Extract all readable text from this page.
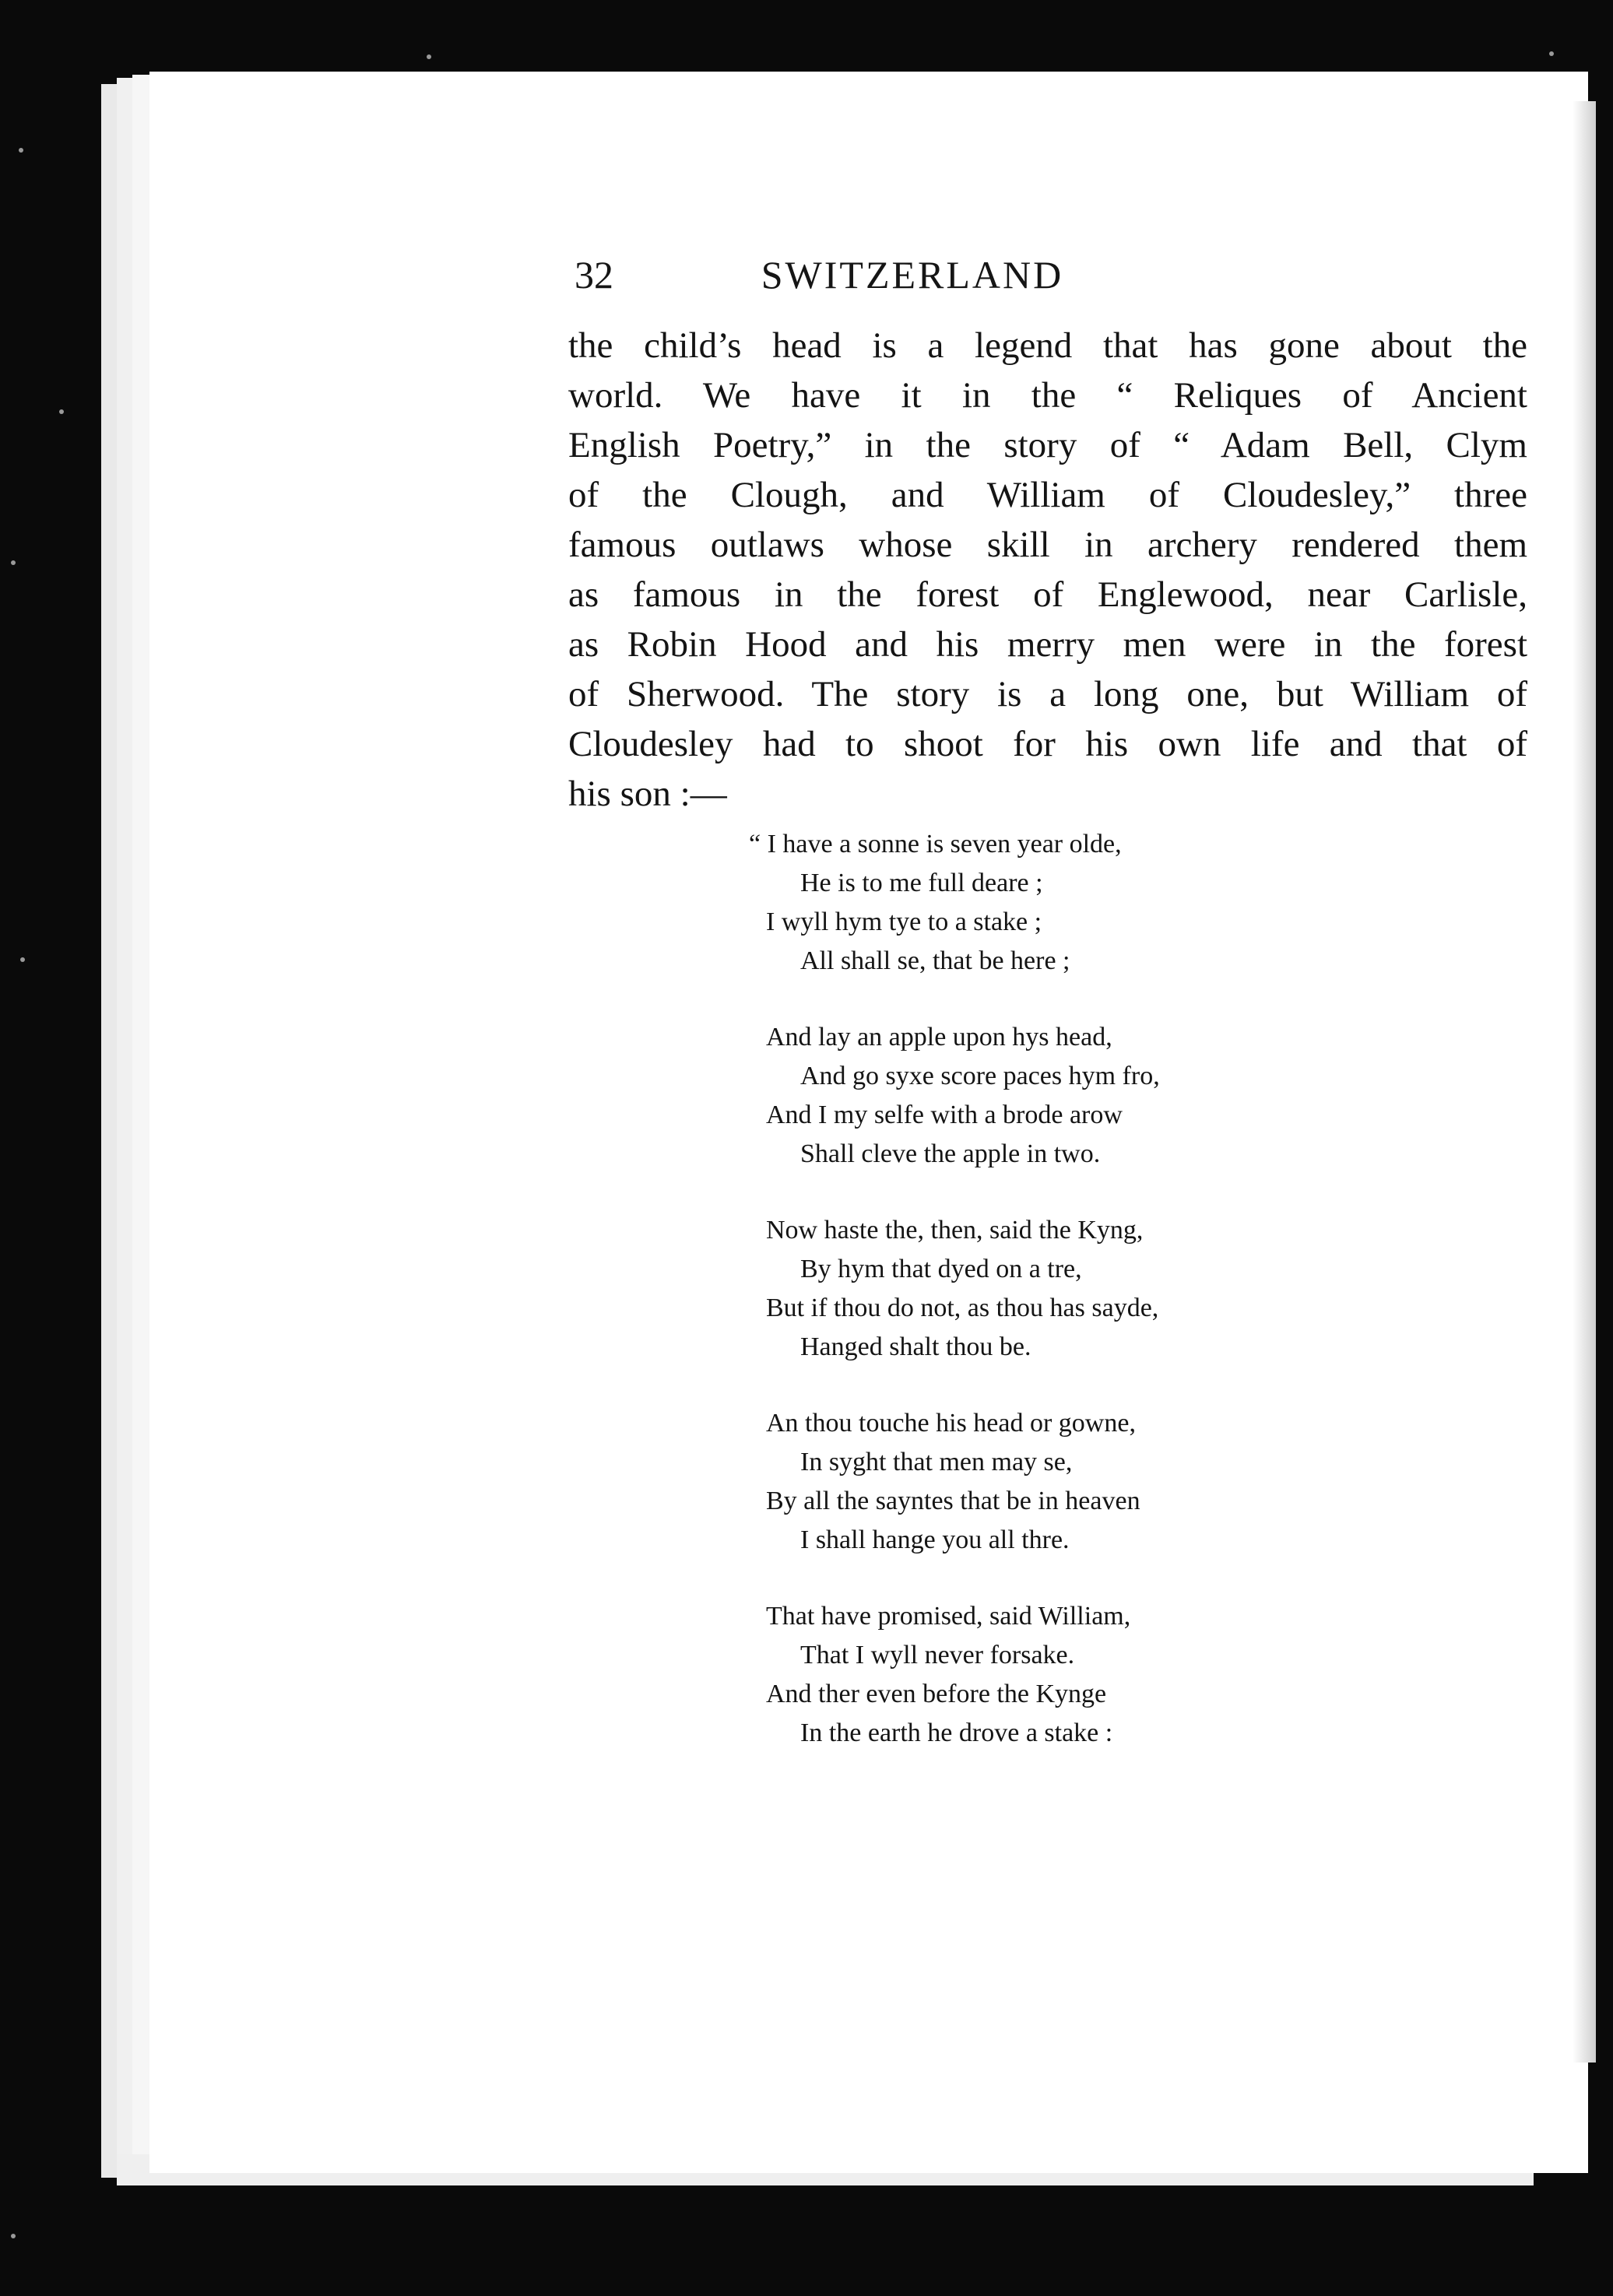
32	SWITZERLAND
the child’s head is a legend that has gone about the
world. We have it in the “ Reliques of Ancient
English Poetry,” in the story of “ Adam Bell, Clym
of the Clough, and William of Cloudesley,” three
famous outlaws whose skill in archery rendered them
as famous in the forest of Englewood, near Carlisle,
as Robin Hood and his merry men were in the forest
of Sherwood. The story is a long one, but William of
Cloudesley had to shoot for his own life and that of
his son :—
“ I have a sonne is seven year olde,
He is to me full deare ;
I wyll hym tye to a stake ;
All shall se, that be here ;
And lay an apple upon hys head,
And go syxe score paces hym fro,
And I my selfe with a brode arow
Shall cleve the apple in two.
Now haste the, then, said the Kyng,
By hym that dyed on a tre,
But if thou do not, as thou has sayde,
Hanged shalt thou be.
An thou touche his head or gowne,
In syght that men may se,
By all the sayntes that be in heaven
I shall hange you all thre.
That have promised, said William,
That I wyll never forsake.
And ther even before the Kynge
In the earth he drove a stake :
